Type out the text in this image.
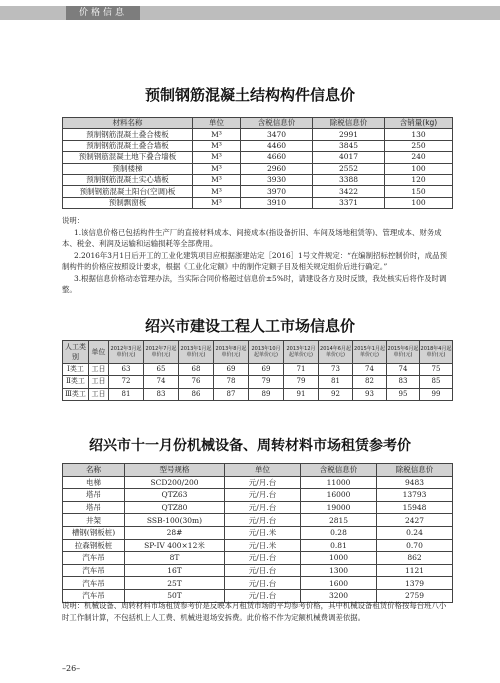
价格信息
预制钢筋混凝土结构构件信息价
材料名称	单位	含税信息价	除税信息价	含销量(kg)
预制钢筋混凝土叠合楼板	M³	3470	2991	130
预制钢筋混凝土叠合墙板	M³	4460	3845	250
预制钢筋混凝土地下叠合墙板	M³	4660	4017	240
预制楼梯	M³	2960	2552	100
预制钢筋混凝土实心墙板	M³	3930	3388	120
预制钢筋混凝土阳台(空调)板	M³	3970	3422	150
预制飘窗板	M³	3910	3371	100

说明：

1.该信息价格已包括构件生产厂的直接材料成本、间接成本(指设备折旧、车间及场地租赁等)、管理成本、财务成本、税金、利润及运输和运输损耗等全部费用。

2.2016年3月1日后开工的工业化建筑项目应根据浙建站定［2016］1号文件规定：“在编制招标控制价时，成品预制构件的价格应按照设计要求，根据《工业化定额》中的制作定额子目及相关规定组价后进行确定。”

3.根据信息价格动态管理办法，当实际合同价格超过信息价±5%时，请建设各方及时反馈，我处核实后将作及时调整。

绍兴市建设工程人工市场信息价
人工类别	单位	2012年3月起单价(元)	2012年7月起单价(元)	2013年1月起单价(元)	2013年8月起单价(元)	2013年10月起单价(元)	2013年12月起单价(元)	2014年6月起单价(元)	2015年1月起单价(元)	2015年6月起单价(元)	2018年4月起单价(元)
Ⅰ类工	工日	63	65	68	69	69	71	73	74	74	75
Ⅱ类工	工日	72	74	76	78	79	79	81	82	83	85
Ⅲ类工	工日	81	83	86	87	89	91	92	93	95	99
绍兴市十一月份机械设备、周转材料市场租赁参考价
名称	型号规格	单位	含税信息价	除税信息价
电梯	SCD200/200	元/月.台	11000	9483
塔吊	QTZ63	元/月.台	16000	13793
塔吊	QTZ80	元/月.台	19000	15948
井架	SSB-100(30m)	元/月.台	2815	2427
槽钢(钢板桩)	28#	元/日.米	0.28	0.24
拉森钢板桩	SP-IV 400×12米	元/日.米	0.81	0.70
汽车吊	8T	元/日.台	1000	862
汽车吊	16T	元/日.台	1300	1121
汽车吊	25T	元/日.台	1600	1379
汽车吊	50T	元/日.台	3200	2759

说明：机械设备、周转材料市场租赁参考价是反映本月租赁市场的平均参考价格，其中机械设备租赁价格按每台班八小时工作制计算，不包括机上人工费、机械进退场安拆费。此价格不作为定额机械费调差依据。

–26–
